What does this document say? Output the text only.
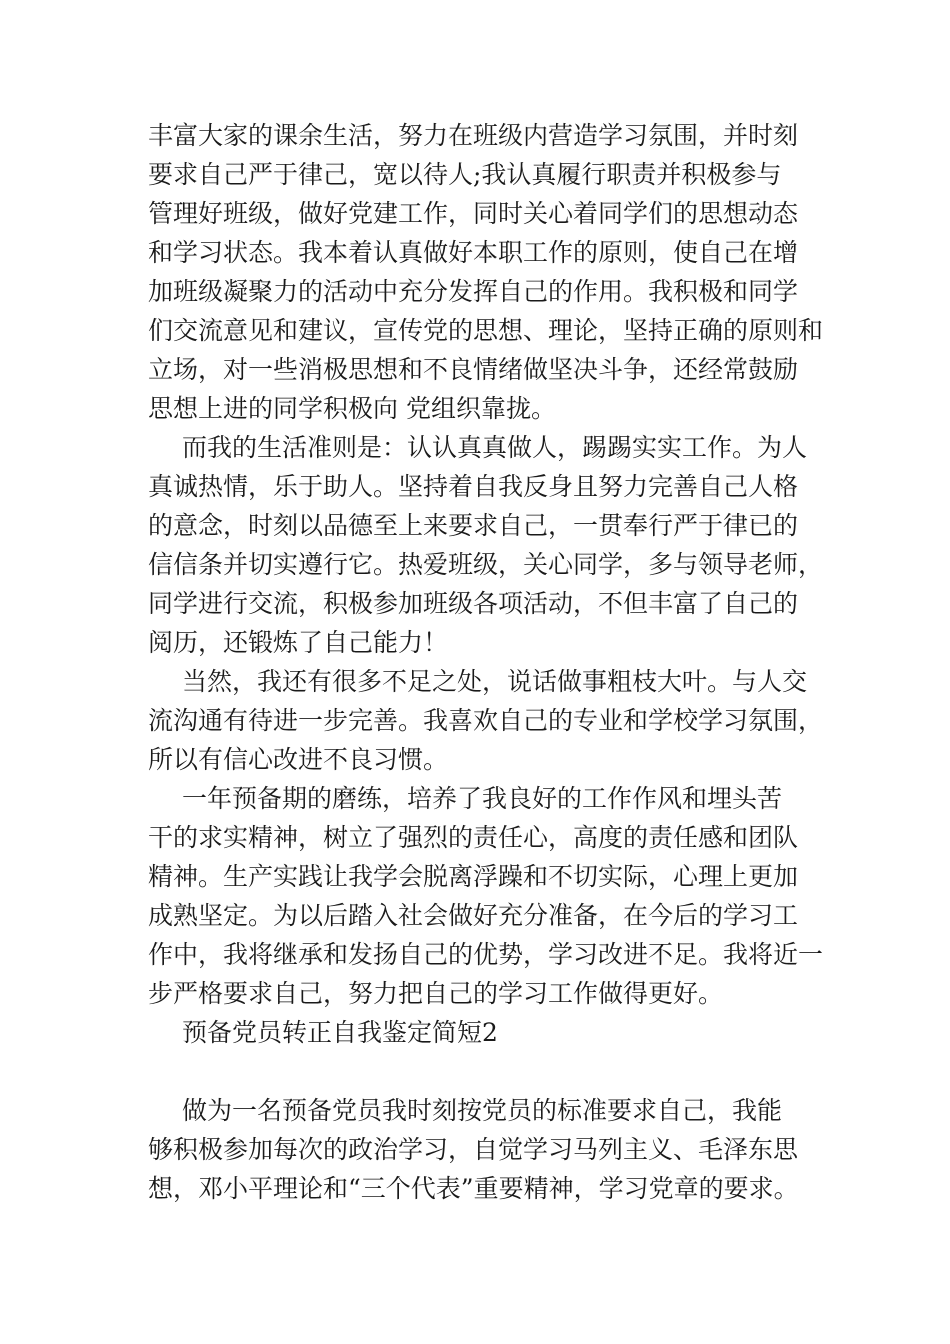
丰富大家的课余生活，努力在班级内营造学习氛围，并时刻
要求自己严于律己，宽以待人;我认真履行职责并积极参与
管理好班级，做好党建工作，同时关心着同学们的思想动态
和学习状态。我本着认真做好本职工作的原则，使自己在增
加班级凝聚力的活动中充分发挥自己的作用。我积极和同学
们交流意见和建议，宣传党的思想、理论，坚持正确的原则和
立场，对一些消极思想和不良情绪做坚决斗争，还经常鼓励
思想上进的同学积极向 党组织靠拢。
而我的生活准则是：认认真真做人，踢踢实实工作。为人
真诚热情，乐于助人。坚持着自我反身且努力完善自己人格
的意念，时刻以品德至上来要求自己，一贯奉行严于律已的
信信条并切实遵行它。热爱班级，关心同学，多与领导老师，
同学进行交流，积极参加班级各项活动，不但丰富了自己的
阅历，还锻炼了自己能力！
当然，我还有很多不足之处，说话做事粗枝大叶。与人交
流沟通有待进一步完善。我喜欢自己的专业和学校学习氛围，
所以有信心改进不良习惯。
一年预备期的磨练，培养了我良好的工作作风和埋头苦
干的求实精神，树立了强烈的责任心，高度的责任感和团队
精神。生产实践让我学会脱离浮躁和不切实际，心理上更加
成熟坚定。为以后踏入社会做好充分准备，在今后的学习工
作中，我将继承和发扬自己的优势，学习改进不足。我将近一
步严格要求自己，努力把自己的学习工作做得更好。
预备党员转正自我鉴定简短2
做为一名预备党员我时刻按党员的标准要求自己，我能
够积极参加每次的政治学习，自觉学习马列主义、毛泽东思
想，邓小平理论和“三个代表”重要精神，学习党章的要求。
